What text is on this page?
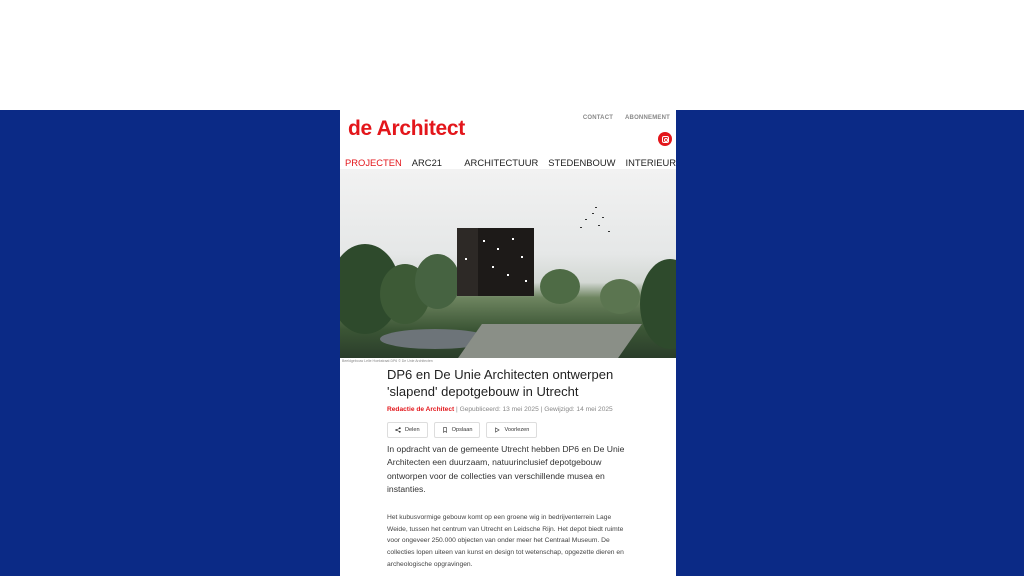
de Architect	CONTACT ABONNEMENT
PROJECTEN ARC21	ARCHITECTUUR STEDENBOUW INTERIEUR
Beeldgebouw Lelie Hoekstraat DP6 © De Unie Architecten
DP6 en De Unie Architecten ontwerpen 'slapend' depotgebouw in Utrecht
Redactie de Architect | Gepubliceerd: 13 mei 2025 | Gewijzigd: 14 mei 2025
Delen	Opslaan	Voorlezen
In opdracht van de gemeente Utrecht hebben DP6 en De Unie Architecten een duurzaam, natuurinclusief depotgebouw ontworpen voor de collecties van verschillende musea en instanties.
Het kubusvormige gebouw komt op een groene wig in bedrijventerrein Lage Weide, tussen het centrum van Utrecht en Leidsche Rijn. Het depot biedt ruimte voor ongeveer 250.000 objecten van onder meer het Centraal Museum. De collecties lopen uiteen van kunst en design tot wetenschap, opgezette dieren en archeologische opgravingen.
